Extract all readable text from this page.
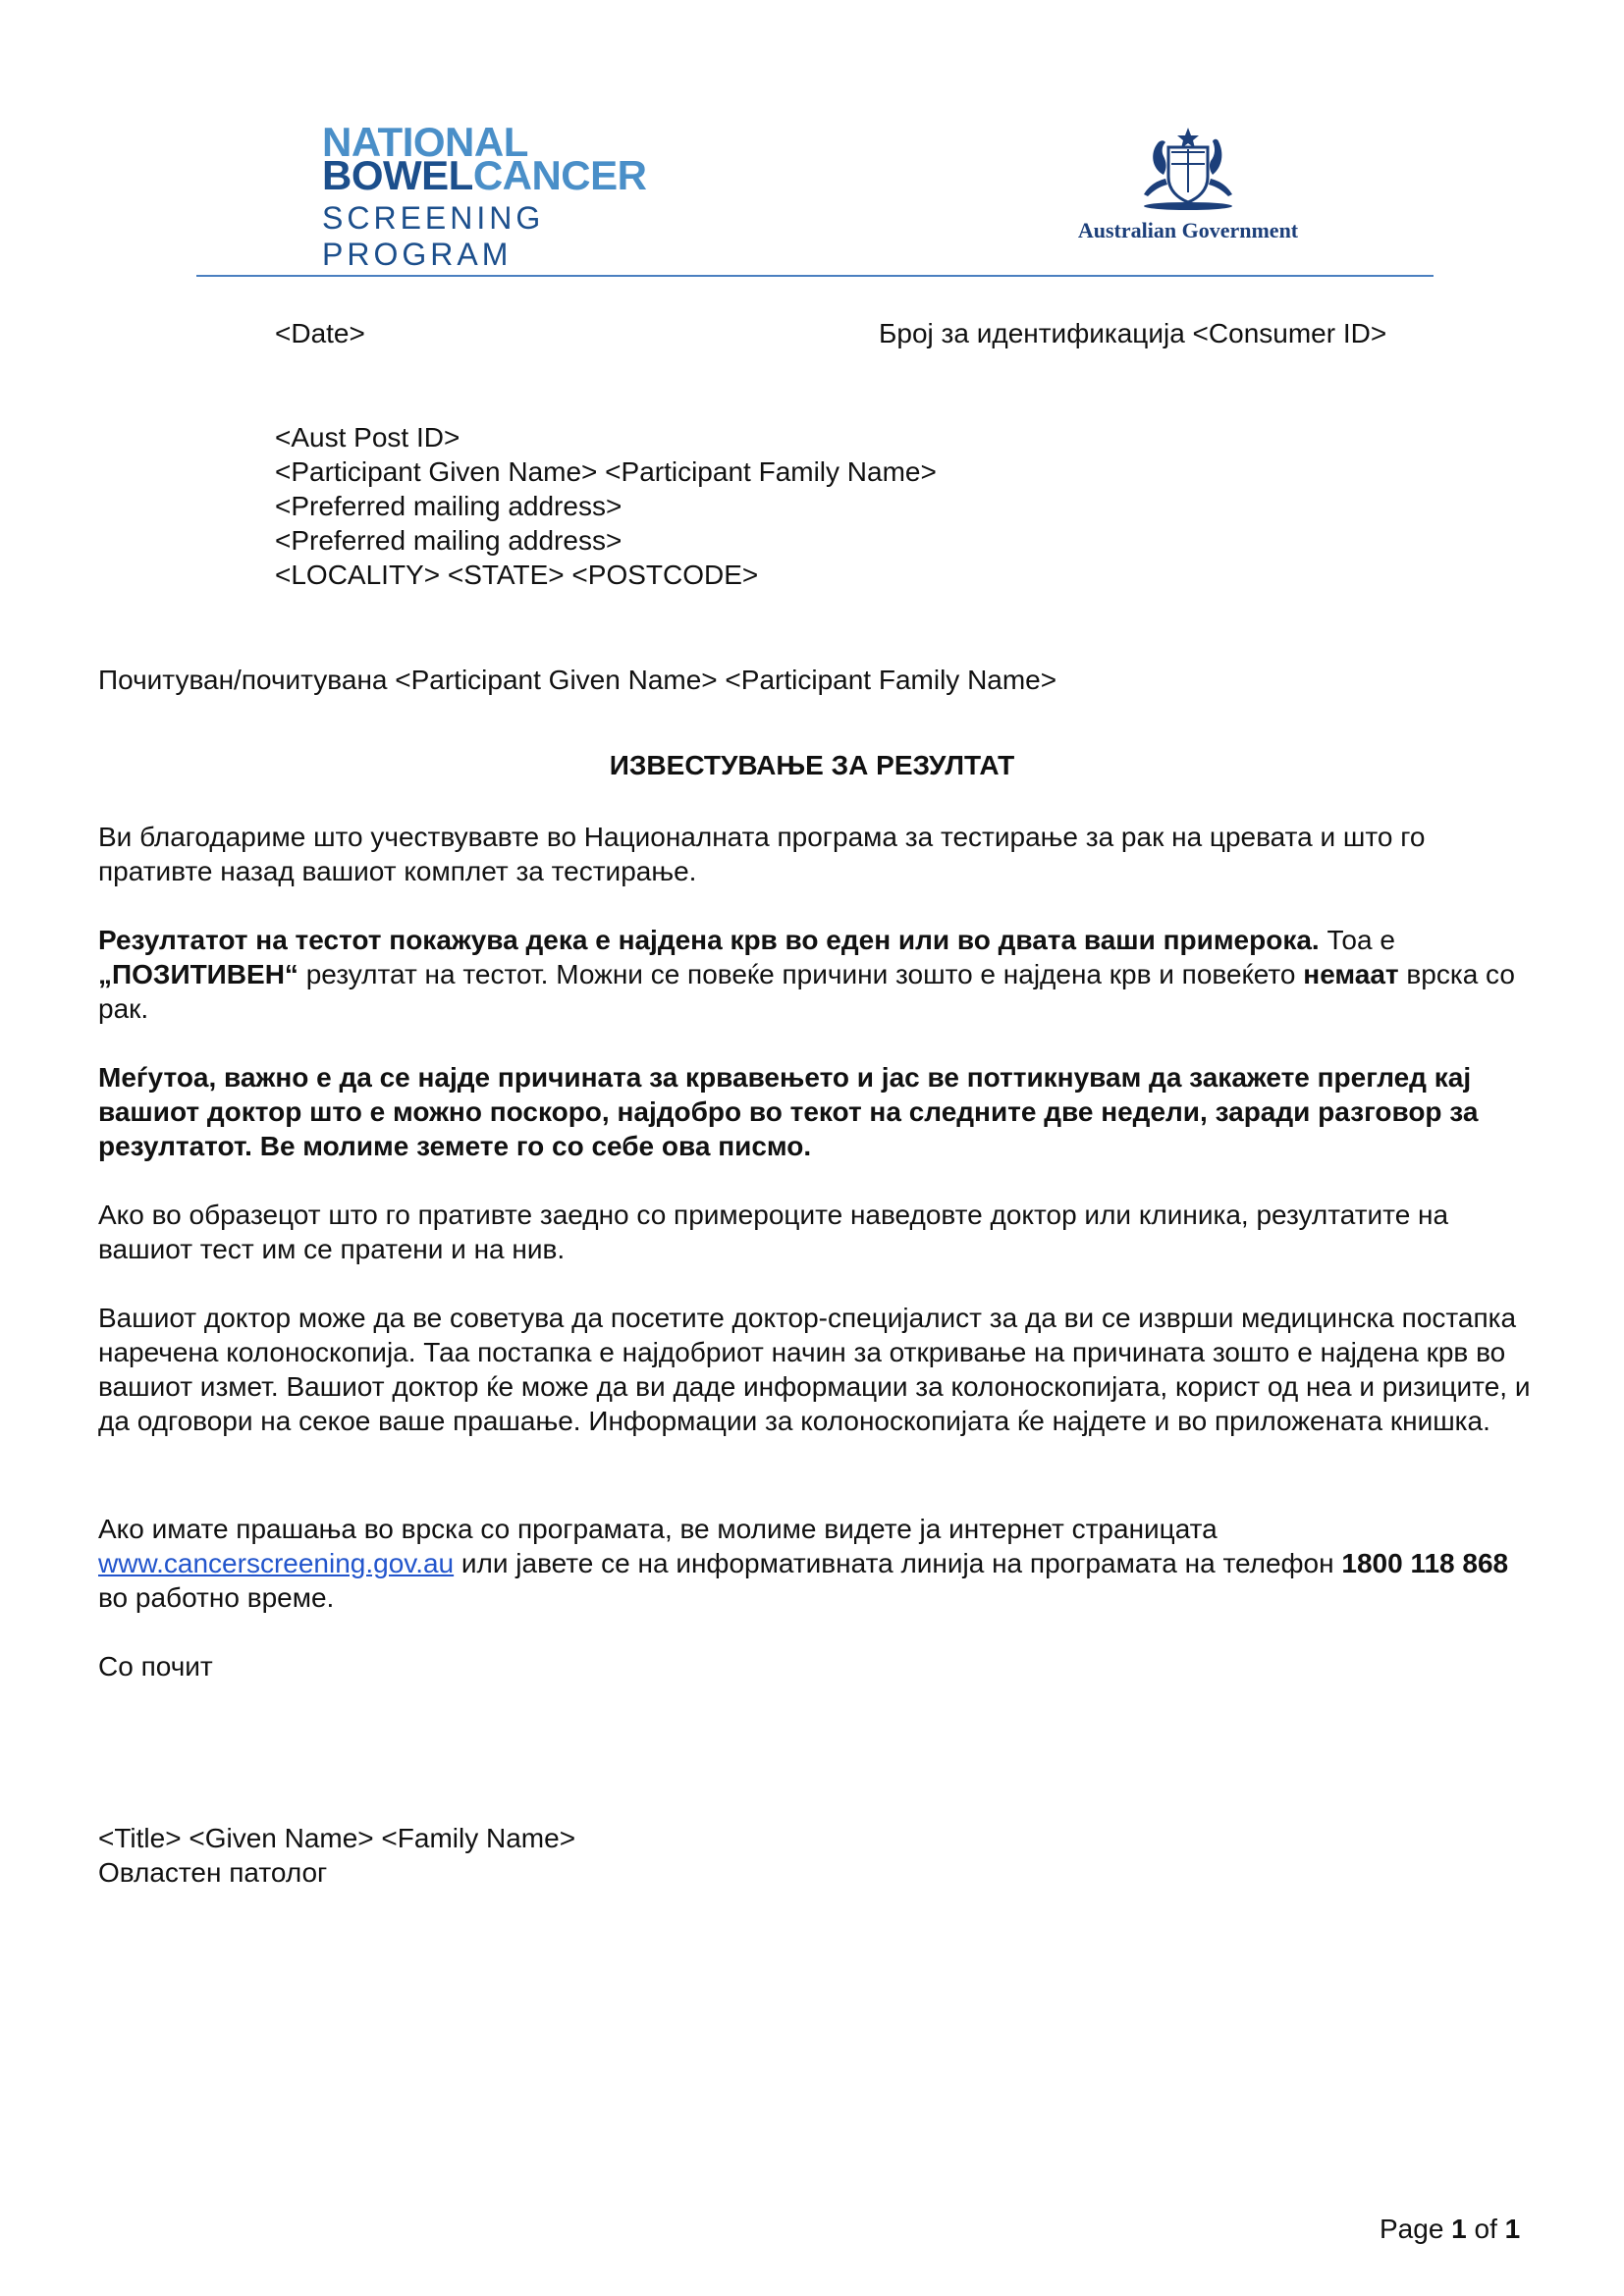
NATIONAL
BOWELCANCER
SCREENING PROGRAM
Australian Government
<Date>	Број за идентификација <Consumer ID>
<Aust Post ID>
<Participant Given Name> <Participant Family Name>
<Preferred mailing address>
<Preferred mailing address>
<LOCALITY> <STATE> <POSTCODE>
Почитуван/почитувана <Participant Given Name> <Participant Family Name>
ИЗВЕСТУВАЊЕ ЗА РЕЗУЛТАТ
Ви благодариме што учествувавте во Националната програма за тестирање за рак на цревата и што го пративте назад вашиот комплет за тестирање.
Резултатот на тестот покажува дека е најдена крв во еден или во двата ваши примерока. Тоа е „ПОЗИТИВЕН“ резултат на тестот. Можни се повеќе причини зошто е најдена крв и повеќето немаат врска со рак.
Меѓутоа, важно е да се најде причината за крвавењето и јас ве поттикнувам да закажете преглед кај вашиот доктор што е можно поскоро, најдобро во текот на следните две недели, заради разговор за резултатот. Ве молиме земете го со себе ова писмо.
Ако во образецот што го пративте заедно со примероците наведовте доктор или клиника, резултатите на вашиот тест им се пратени и на нив.
Вашиот доктор може да ве советува да посетите доктор-специјалист за да ви се изврши медицинска постапка наречена колоноскопија. Таа постапка е најдобриот начин за откривање на причината зошто е најдена крв во вашиот измет. Вашиот доктор ќе може да ви даде информации за колоноскопијата, корист од неа и ризиците, и да одговори на секое ваше прашање. Информации за колоноскопијата ќе најдете и во приложената книшка.
Ако имате прашања во врска со програмата, ве молиме видете ја интернет страницата www.cancerscreening.gov.au или јавете се на информативната линија на програмата на телефон 1800 118 868 во работно време.
Со почит
<Title> <Given Name> <Family Name>
Овластен патолог
Page 1 of 1
